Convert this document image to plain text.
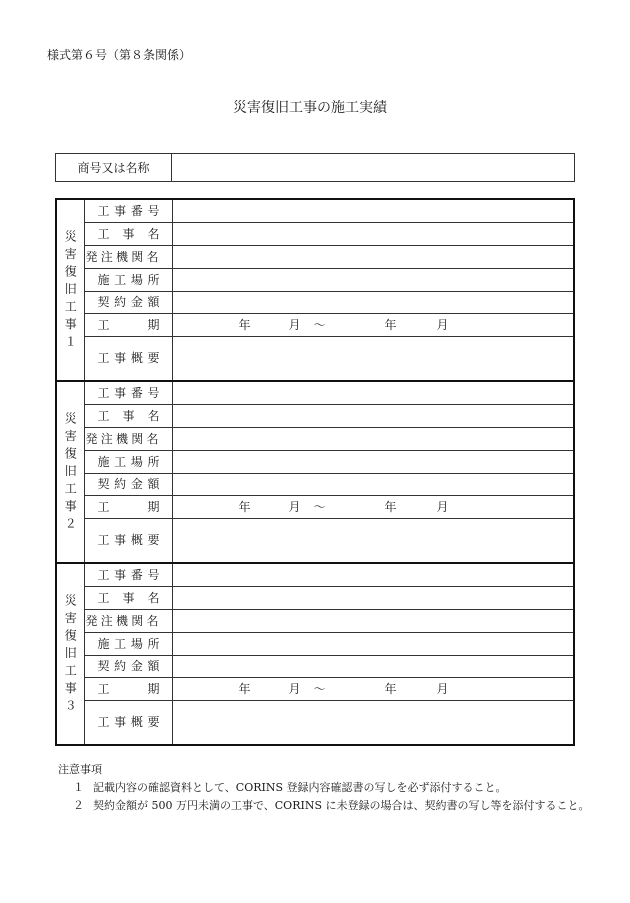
様式第６号（第８条関係）
災害復旧工事の施工実績
商号又は名称	
災害復旧工事１	工事番号	

	工事名	

	発注機関名	

	施工場所	

	契約金額	

	工期	年 月 ～ 年 月

	工事概要	

災害復旧工事２	工事番号	

	工事名	

	発注機関名	

	施工場所	

	契約金額	

	工期	年 月 ～ 年 月

	工事概要	

災害復旧工事３	工事番号	

	工事名	

	発注機関名	

	施工場所	

	契約金額	

	工期	年 月 ～ 年 月

	工事概要	

注意事項
１ 記載内容の確認資料として、CORINS 登録内容確認書の写しを必ず添付すること。
２ 契約金額が 500 万円未満の工事で、CORINS に未登録の場合は、契約書の写し等を添付すること。
